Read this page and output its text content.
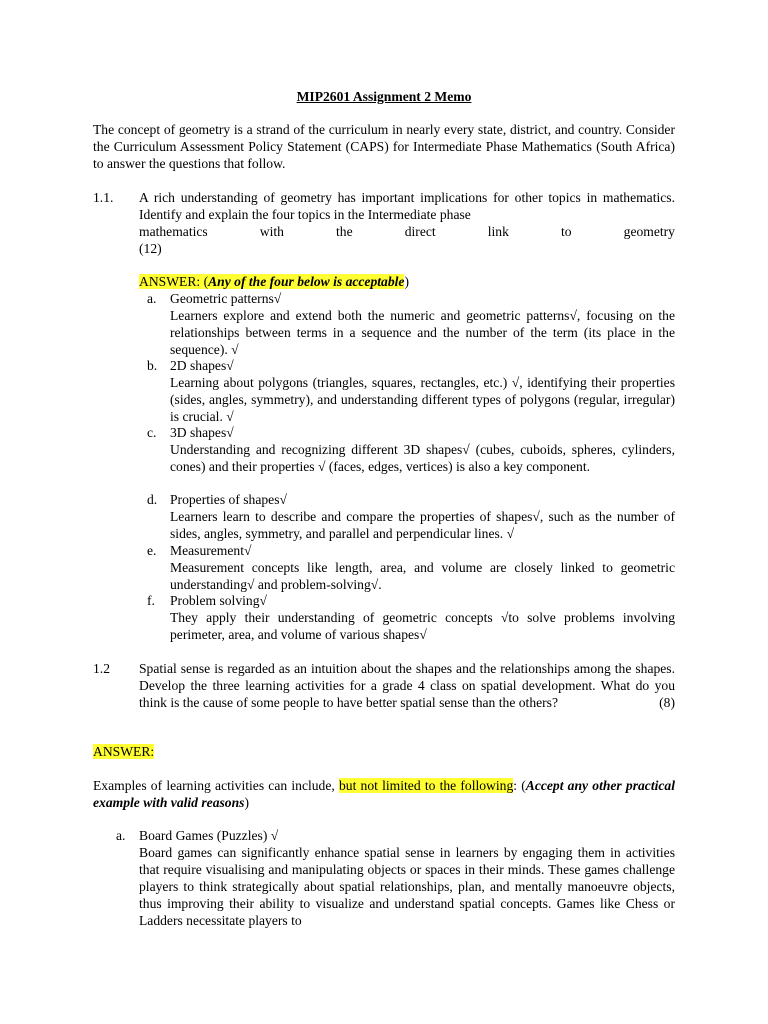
MIP2601 Assignment 2 Memo
The concept of geometry is a strand of the curriculum in nearly every state, district, and country. Consider the Curriculum Assessment Policy Statement (CAPS) for Intermediate Phase Mathematics (South Africa) to answer the questions that follow.
1.1. A rich understanding of geometry has important implications for other topics in mathematics. Identify and explain the four topics in the Intermediate phase
mathematics	with	the	direct	link	to	geometry
(12)
ANSWER: (Any of the four below is acceptable)
a. Geometric patterns√
Learners explore and extend both the numeric and geometric patterns√, focusing on the relationships between terms in a sequence and the number of the term (its place in the sequence). √
b. 2D shapes√
Learning about polygons (triangles, squares, rectangles, etc.) √, identifying their properties (sides, angles, symmetry), and understanding different types of polygons (regular, irregular) is crucial. √
c. 3D shapes√
Understanding and recognizing different 3D shapes√ (cubes, cuboids, spheres, cylinders, cones) and their properties √ (faces, edges, vertices) is also a key component.
d. Properties of shapes√
Learners learn to describe and compare the properties of shapes√, such as the number of sides, angles, symmetry, and parallel and perpendicular lines. √
e. Measurement√
Measurement concepts like length, area, and volume are closely linked to geometric understanding√ and problem-solving√.
f. Problem solving√
They apply their understanding of geometric concepts √to solve problems involving perimeter, area, and volume of various shapes√
1.2 Spatial sense is regarded as an intuition about the shapes and the relationships among the shapes. Develop the three learning activities for a grade 4 class on spatial development. What do you think is the cause of some people to have better spatial sense than the others?	(8)
ANSWER:
Examples of learning activities can include, but not limited to the following: (Accept any other practical example with valid reasons)
a. Board Games (Puzzles) √
Board games can significantly enhance spatial sense in learners by engaging them in activities that require visualising and manipulating objects or spaces in their minds. These games challenge players to think strategically about spatial relationships, plan, and mentally manoeuvre objects, thus improving their ability to visualize and understand spatial concepts. Games like Chess or Ladders necessitate players to
